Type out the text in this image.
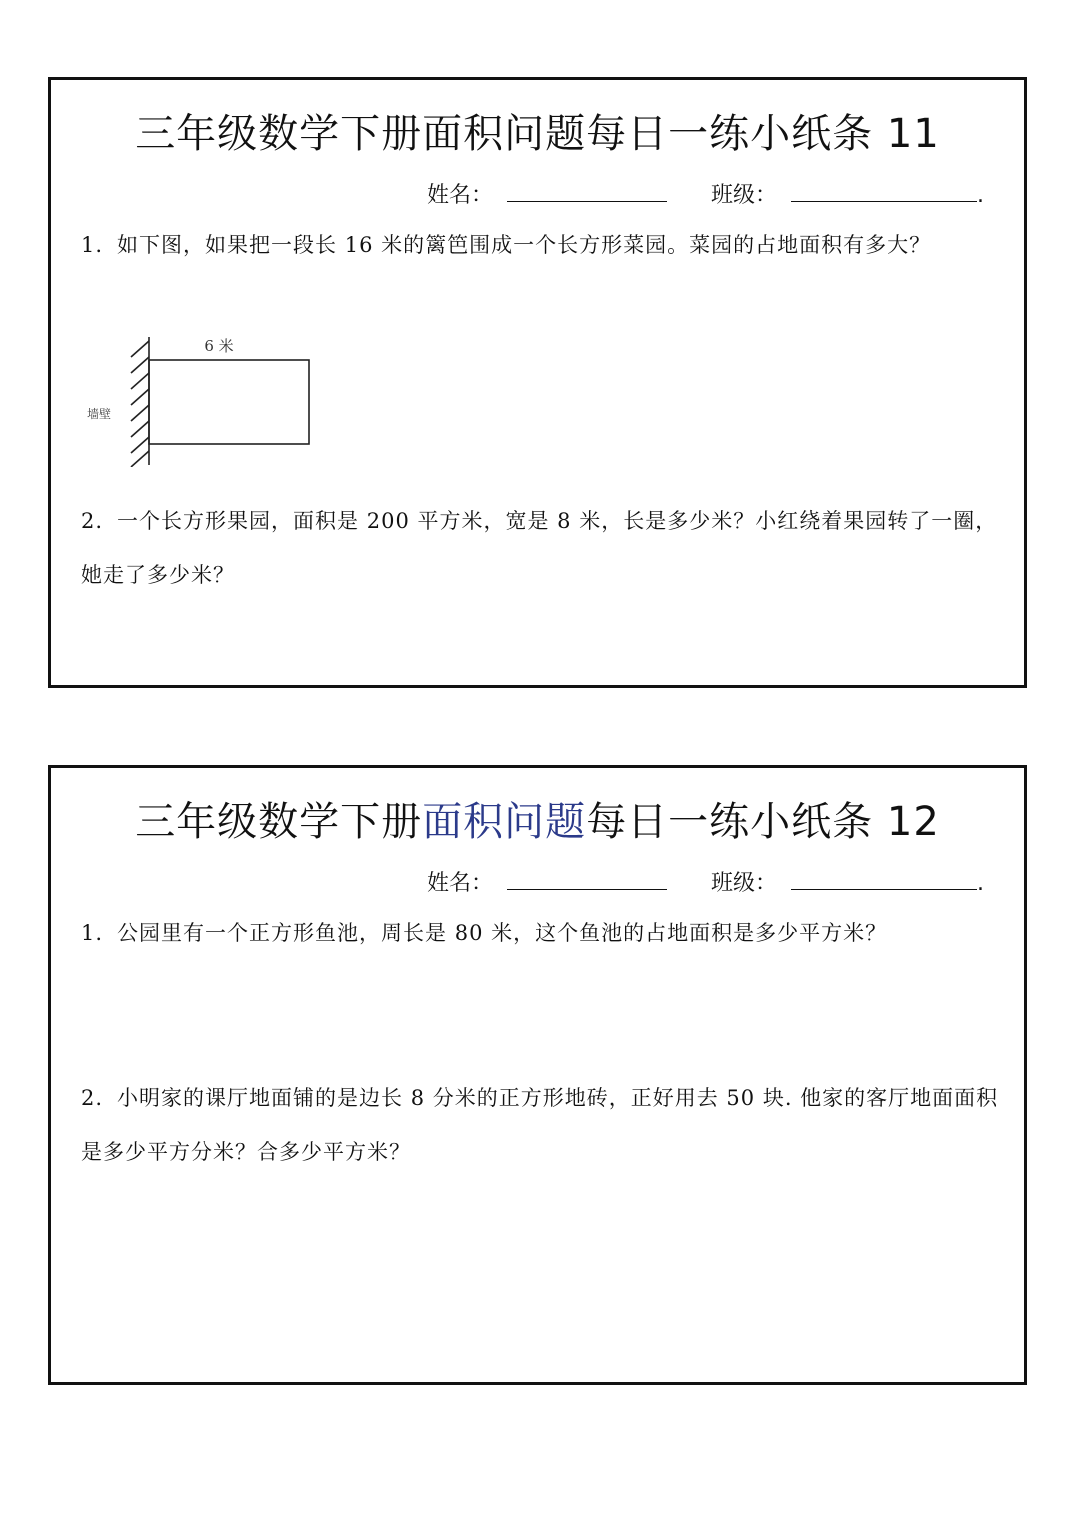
三年级数学下册面积问题每日一练小纸条 11
姓名：	班级：	.
1. 如下图，如果把一段长 16 米的篱笆围成一个长方形菜园。菜园的占地面积有多大？
6 米
墙壁
2. 一个长方形果园，面积是 200 平方米，宽是 8 米，长是多少米？小红绕着果园转了一圈，她走了多少米？
三年级数学下册面积问题每日一练小纸条 12
姓名：	班级：	.
1. 公园里有一个正方形鱼池，周长是 80 米，这个鱼池的占地面积是多少平方米？
2. 小明家的课厅地面铺的是边长 8 分米的正方形地砖，正好用去 50 块. 他家的客厅地面面积是多少平方分米？合多少平方米？
